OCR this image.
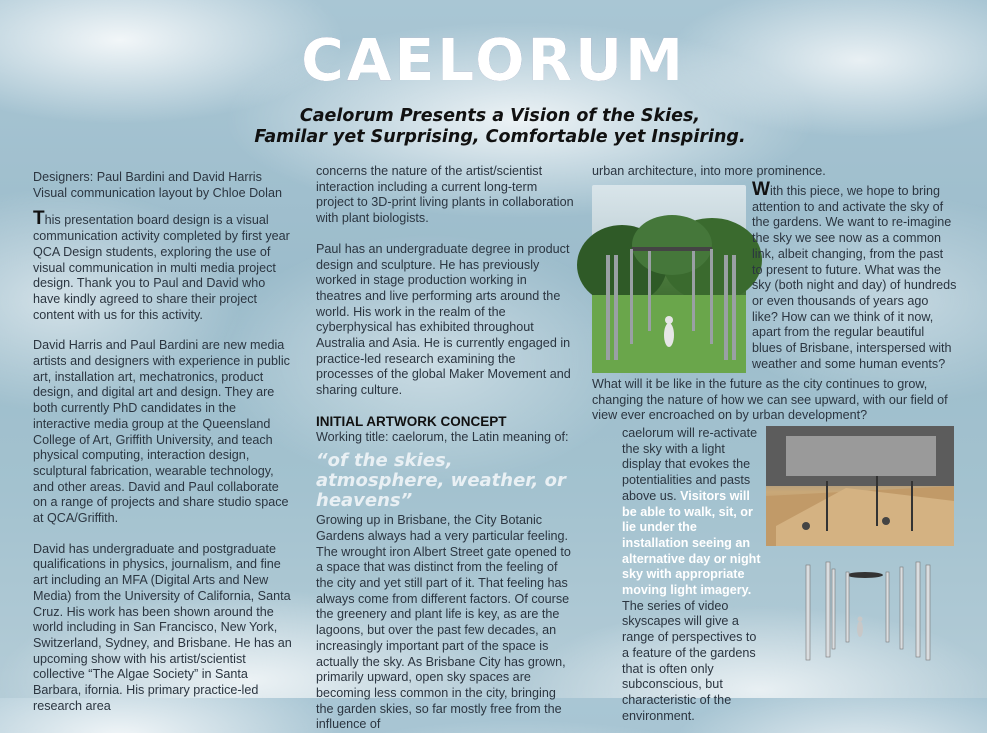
CAELORUM
Caelorum Presents a Vision of the Skies,
Familar yet Surprising, Comfortable yet Inspiring.
Designers: Paul Bardini and David Harris
Visual communication layout by Chloe Dolan

This presentation board design is a visual communication activity completed by first year QCA Design students, exploring the use of visual communication in multi media project design. Thank you to Paul and David who have kindly agreed to share their project content with us for this activity.

David Harris and Paul Bardini are new media artists and designers with experience in public art, installation art, mechatronics, product design, and digital art and design. They are both currently PhD candidates in the interactive media group at the Queensland College of Art, Griffith University, and teach physical computing, interaction design, sculptural fabrication, wearable technology, and other areas. David and Paul collaborate on a range of projects and share studio space at QCA/Griffith.

David has undergraduate and postgraduate qualifications in physics, journalism, and fine art including an MFA (Digital Arts and New Media) from the University of California, Santa Cruz. His work has been shown around the world including in San Francisco, New York, Switzerland, Sydney, and Brisbane. He has an upcoming show with his artist/scientist collective “The Algae Society” in Santa Barbara, ifornia. His primary practice-led research area

concerns the nature of the artist/scientist interaction including a current long-term project to 3D-print living plants in collaboration with plant biologists.

Paul has an undergraduate degree in product design and sculpture. He has previously worked in stage production working in theatres and live performing arts around the world. His work in the realm of the cyberphysical has exhibited throughout Australia and Asia. He is currently engaged in practice-led research examining the processes of the global Maker Movement and sharing culture.

INITIAL ARTWORK CONCEPT
Working title: caelorum, the Latin meaning of:
“of the skies, atmosphere, weather, or heavens”
Growing up in Brisbane, the City Botanic Gardens always had a very particular feeling. The wrought iron Albert Street gate opened to a space that was distinct from the feeling of the city and yet still part of it. That feeling has always come from different factors. Of course the greenery and plant life is key, as are the lagoons, but over the past few decades, an increasingly important part of the space is actually the sky. As Brisbane City has grown, primarily upward, open sky spaces are becoming less common in the city, bringing the garden skies, so far mostly free from the influence of
urban architecture, into more prominence.
With this piece, we hope to bring attention to and activate the sky of the gardens. We want to re-imagine the sky we see now as a common link, albeit changing, from the past to present to future. What was the sky (both night and day) of hundreds or even thousands of years ago like? How can we think of it now, apart from the regular beautiful blues of Brisbane, interspersed with weather and some human events?
What will it be like in the future as the city continues to grow, changing the nature of how we can see upward, with our field of view ever encroached on by urban development?
caelorum will re-activate the sky with a light display that evokes the potentialities and pasts above us. Visitors will be able to walk, sit, or lie under the installation seeing an alternative day or night sky with appropriate moving light imagery. The series of video skyscapes will give a range of perspectives to a feature of the gardens that is often only subconscious, but characteristic of the environment.
